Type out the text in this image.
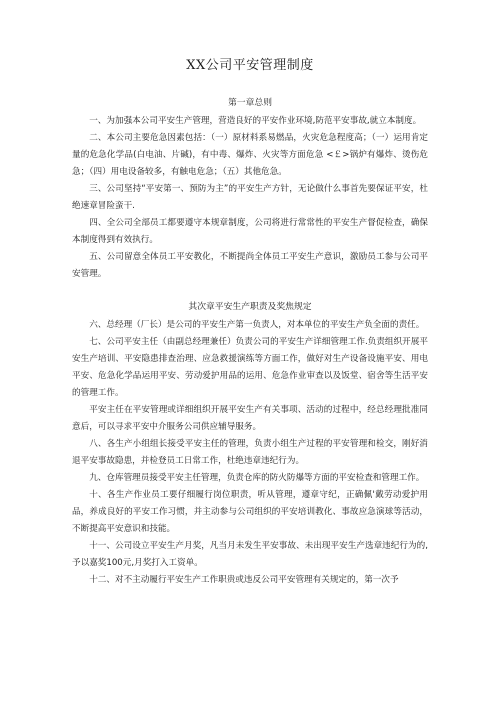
XX公司平安管理制度
第一章总则

一、为加强本公司平安生产管理，营造良好的平安作业环境,防范平安事故,就立本制度。

二、本公司主要危急因素包括：（一）原材料系易燃品，火灾危急程度高；（一）运用肯定量的危急化学品(白电油、片碱)，有中毒、爆炸、火灾等方面危急 <￡>锅炉有爆炸、烫伤危急；（四）用电设备较多，有触电危急；（五）其他危急。

三、公司坚持“平安第一、预防为主”的平安生产方针，无论做什么事首先要保证平安，杜绝速章冒险蛮干.

四、全公司全部员工都要遵守本规章制度，公司将进行常常性的平安生产督促检查，确保本制度得到有效执行。

五、公司留意全体员工平安教化，不断提尚全体员工平安生产意识，激励员工参与公司平安管理。

其次章平安生产职责及奖焦规定

六、总经理（厂长）是公司的平安生产第一负责人，对本单位的平安生产负全面的责任。

七、公司平安主任（由副总经理兼任）负责公司的平安生产详细管理工作.负责组织开展平安生产培训、平安隐患排查治理、应急救援演练等方面工作，做好对生产设备设施平安、用电平安、危急化学品运用平安、劳动爱护用品的运用、危急作业审查以及饭堂、宿舍等生活平安的管理工作。

平安主任在平安管理或详细组织开展平安生产有关事项、活动的过程中，经总经理批准同意后，可以寻求平安中介服务公司供应辅导服务。

八、各生产小组组长接受平安主任的管理，负责小组生产过程的平安管理和检交，刚好消退平安事故隐患，并检登员工日常工作，杜绝违章违纪行为。

九、仓库管理员接受平安主任管理，负责仓库的防火防爆等方面的平安检查和管理工作。

十、各生产作业员工要仔细履行岗位职责，听从管理，遵章守纪，正确佩'戴劳动爱护用品，养成良好的平安工作习惯，并主动参与公司组织的平安培训教化、事故应急演球等活动，不断提高平安意识和技能。

十一、公司设立平安生产月奖，凡当月未发生平安事故、未出现平安生产选章违纪行为的,予以嘉奖100元,月奖打入工资单。

十二、对不主动履行平安生产工作职贵或违反公司平安管理有关规定的，第一次予
